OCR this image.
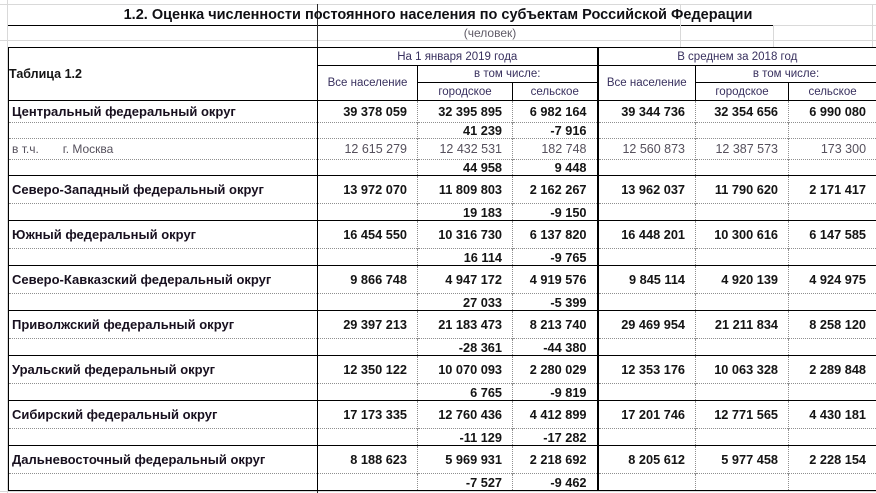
1.2. Оценка численности постоянного населения по субъектам Российской Федерации
(человек)
Таблица 1.2	На 1 января 2019 года			В среднем за 2018 год		
	Все население	в том числе:		Все население	в том числе:	
		городское	сельское		городское	сельское
Центральный федеральный округ	39 378 059	32 395 895	6 982 164	39 344 736	32 354 656	6 990 080
		41 239	-7 916			
в т.ч. г. Москва	12 615 279	12 432 531	182 748	12 560 873	12 387 573	173 300
		44 958	9 448			
Северо-Западный федеральный округ	13 972 070	11 809 803	2 162 267	13 962 037	11 790 620	2 171 417
		19 183	-9 150			
Южный федеральный округ	16 454 550	10 316 730	6 137 820	16 448 201	10 300 616	6 147 585
		16 114	-9 765			
Северо-Кавказский федеральный округ	9 866 748	4 947 172	4 919 576	9 845 114	4 920 139	4 924 975
		27 033	-5 399			
Приволжский федеральный округ	29 397 213	21 183 473	8 213 740	29 469 954	21 211 834	8 258 120
		-28 361	-44 380			
Уральский федеральный округ	12 350 122	10 070 093	2 280 029	12 353 176	10 063 328	2 289 848
		6 765	-9 819			
Сибирский федеральный округ	17 173 335	12 760 436	4 412 899	17 201 746	12 771 565	4 430 181
		-11 129	-17 282			
Дальневосточный федеральный округ	8 188 623	5 969 931	2 218 692	8 205 612	5 977 458	2 228 154
		-7 527	-9 462			
